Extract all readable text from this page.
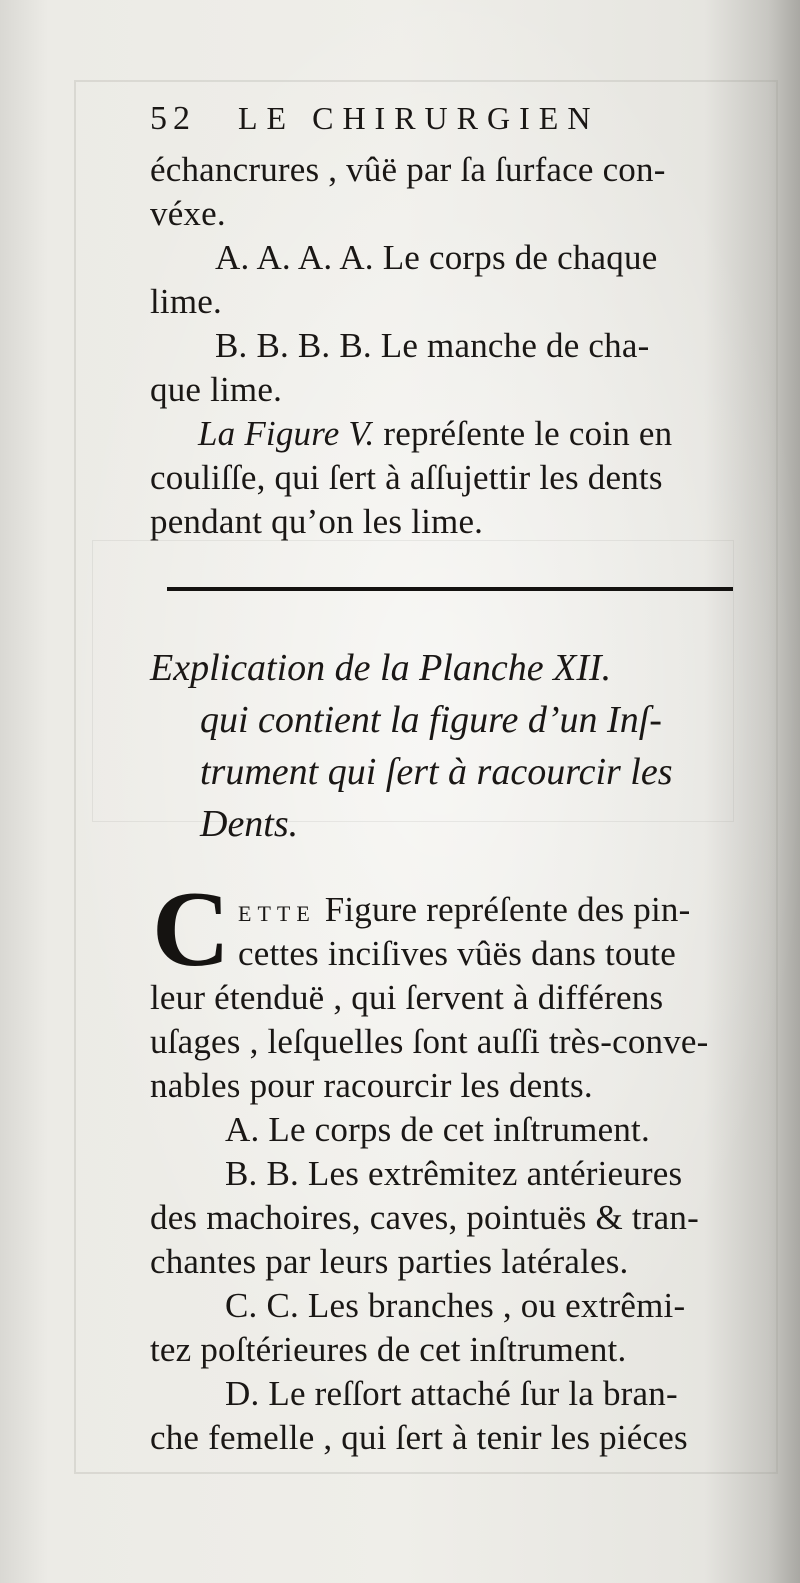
52 LE CHIRURGIEN
échancrures , vûë par ſa ſurface con-
véxe.
A. A. A. A. Le corps de chaque
lime.
B. B. B. B. Le manche de cha-
que lime.
La Figure V. repréſente le coin en
couliſſe, qui ſert à aſſujettir les dents
pendant qu’on les lime.
Explication de la Planche XII.
qui contient la figure d’un Inſ-
trument qui ſert à racourcir les
Dents.
C ETTE Figure repréſente des pin-
cettes inciſives vûës dans toute
leur étenduë , qui ſervent à différens
uſages , leſquelles ſont auſſi très-conve-
nables pour racourcir les dents.
A. Le corps de cet inſtrument.
B. B. Les extrêmitez antérieures
des machoires, caves, pointuës & tran-
chantes par leurs parties latérales.
C. C. Les branches , ou extrêmi-
tez poſtérieures de cet inſtrument.
D. Le reſſort attaché ſur la bran-
che femelle , qui ſert à tenir les piéces
